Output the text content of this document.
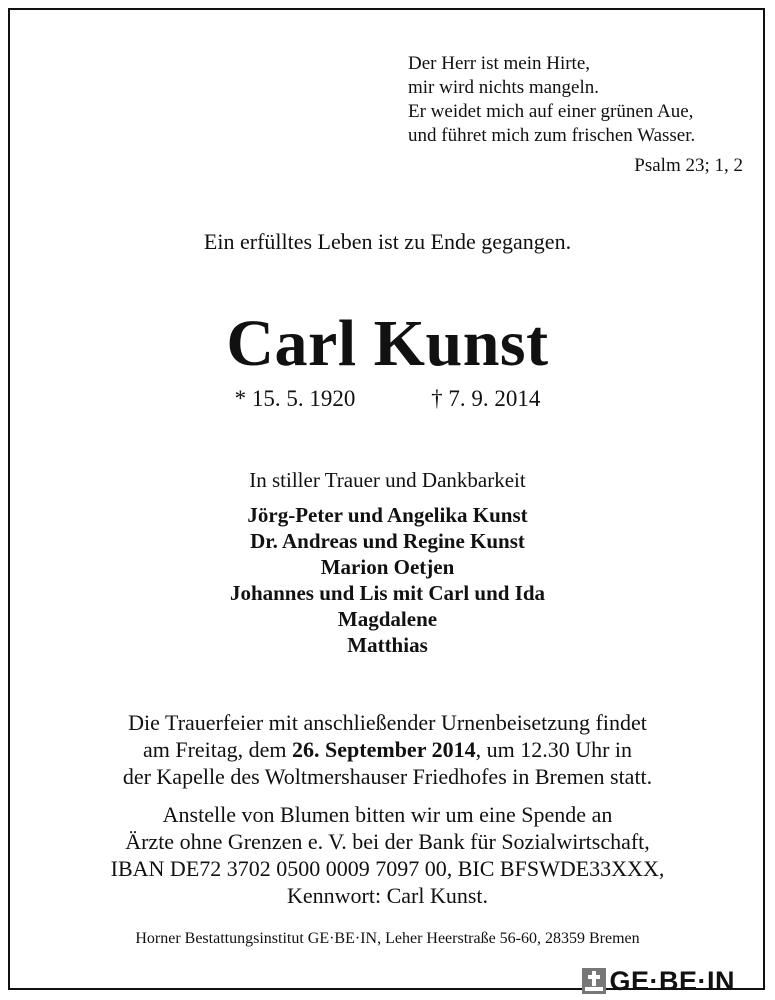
Der Herr ist mein Hirte,
mir wird nichts mangeln.
Er weidet mich auf einer grünen Aue,
und führet mich zum frischen Wasser.
Psalm 23; 1, 2
Ein erfülltes Leben ist zu Ende gegangen.
Carl Kunst
* 15. 5. 1920	† 7. 9. 2014
In stiller Trauer und Dankbarkeit
Jörg-Peter und Angelika Kunst
Dr. Andreas und Regine Kunst
Marion Oetjen
Johannes und Lis mit Carl und Ida
Magdalene
Matthias
Die Trauerfeier mit anschließender Urnenbeisetzung findet
am Freitag, dem 26. September 2014, um 12.30 Uhr in
der Kapelle des Woltmershauser Friedhofes in Bremen statt.
Anstelle von Blumen bitten wir um eine Spende an
Ärzte ohne Grenzen e. V. bei der Bank für Sozialwirtschaft,
IBAN DE72 3702 0500 0009 7097 00, BIC BFSWDE33XXX,
Kennwort: Carl Kunst.
Horner Bestattungsinstitut GE·BE·IN, Leher Heerstraße 56-60, 28359 Bremen
GE·BE·IN
